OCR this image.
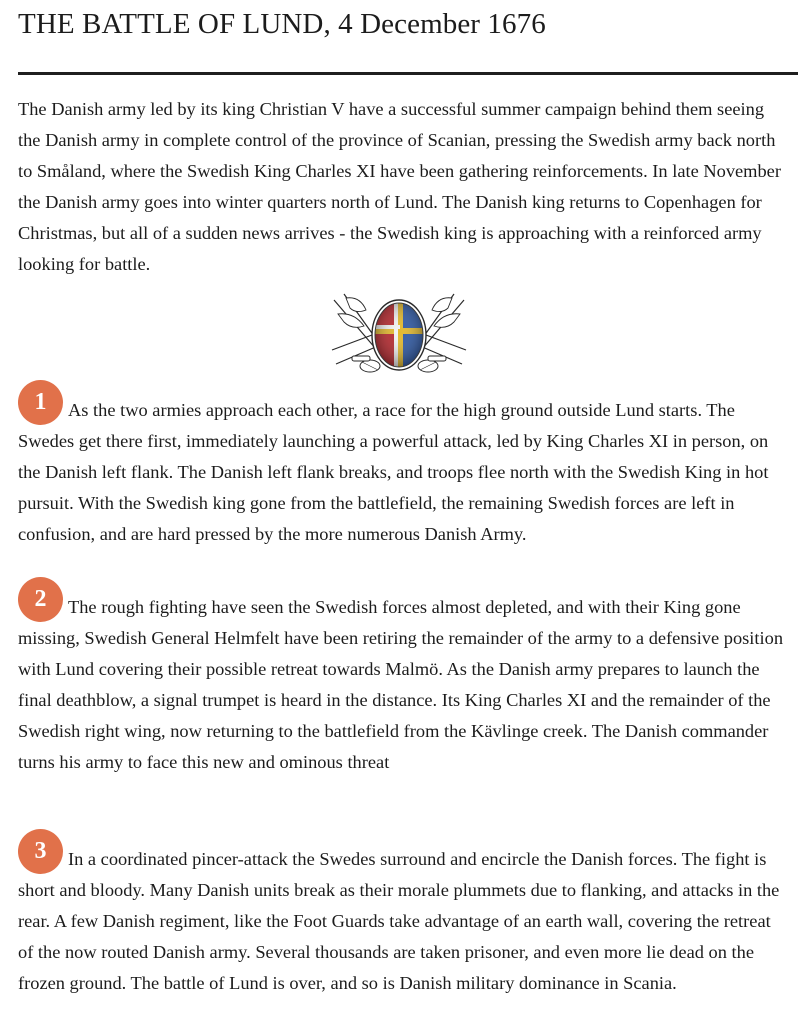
THE BATTLE OF LUND, 4 December 1676

The Danish army led by its king Christian V have a successful summer campaign behind them seeing the Danish army in complete control of the province of Scanian, pressing the Swedish army back north to Småland, where the Swedish King Charles XI have been gathering reinforcements. In late November the Danish army goes into winter quarters north of Lund. The Danish king returns to Copenhagen for Christmas, but all of a sudden news arrives - the Swedish king is approaching with a reinforced army looking for battle.

1	As the two armies approach each other, a race for the high ground outside Lund starts. The Swedes get there first, immediately launching a powerful attack, led by King Charles XI in person, on the Danish left flank. The Danish left flank breaks, and troops flee north with the Swedish King in hot pursuit. With the Swedish king gone from the battlefield, the remaining Swedish forces are left in confusion, and are hard pressed by the more numerous Danish Army.

2	The rough fighting have seen the Swedish forces almost depleted, and with their King gone missing, Swedish General Helmfelt have been retiring the remainder of the army to a defensive position with Lund covering their possible retreat towards Malmö. As the Danish army prepares to launch the final deathblow, a signal trumpet is heard in the distance. Its King Charles XI and the remainder of the Swedish right wing, now returning to the battlefield from the Kävlinge creek. The Danish commander turns his army to face this new and ominous threat

3	In a coordinated pincer-attack the Swedes surround and encircle the Danish forces. The fight is short and bloody. Many Danish units break as their morale plummets due to flanking, and attacks in the rear. A few Danish regiment, like the Foot Guards take advantage of an earth wall, covering the retreat of the now routed Danish army. Several thousands are taken prisoner, and even more lie dead on the frozen ground. The battle of Lund is over, and so is Danish military dominance in Scania.
